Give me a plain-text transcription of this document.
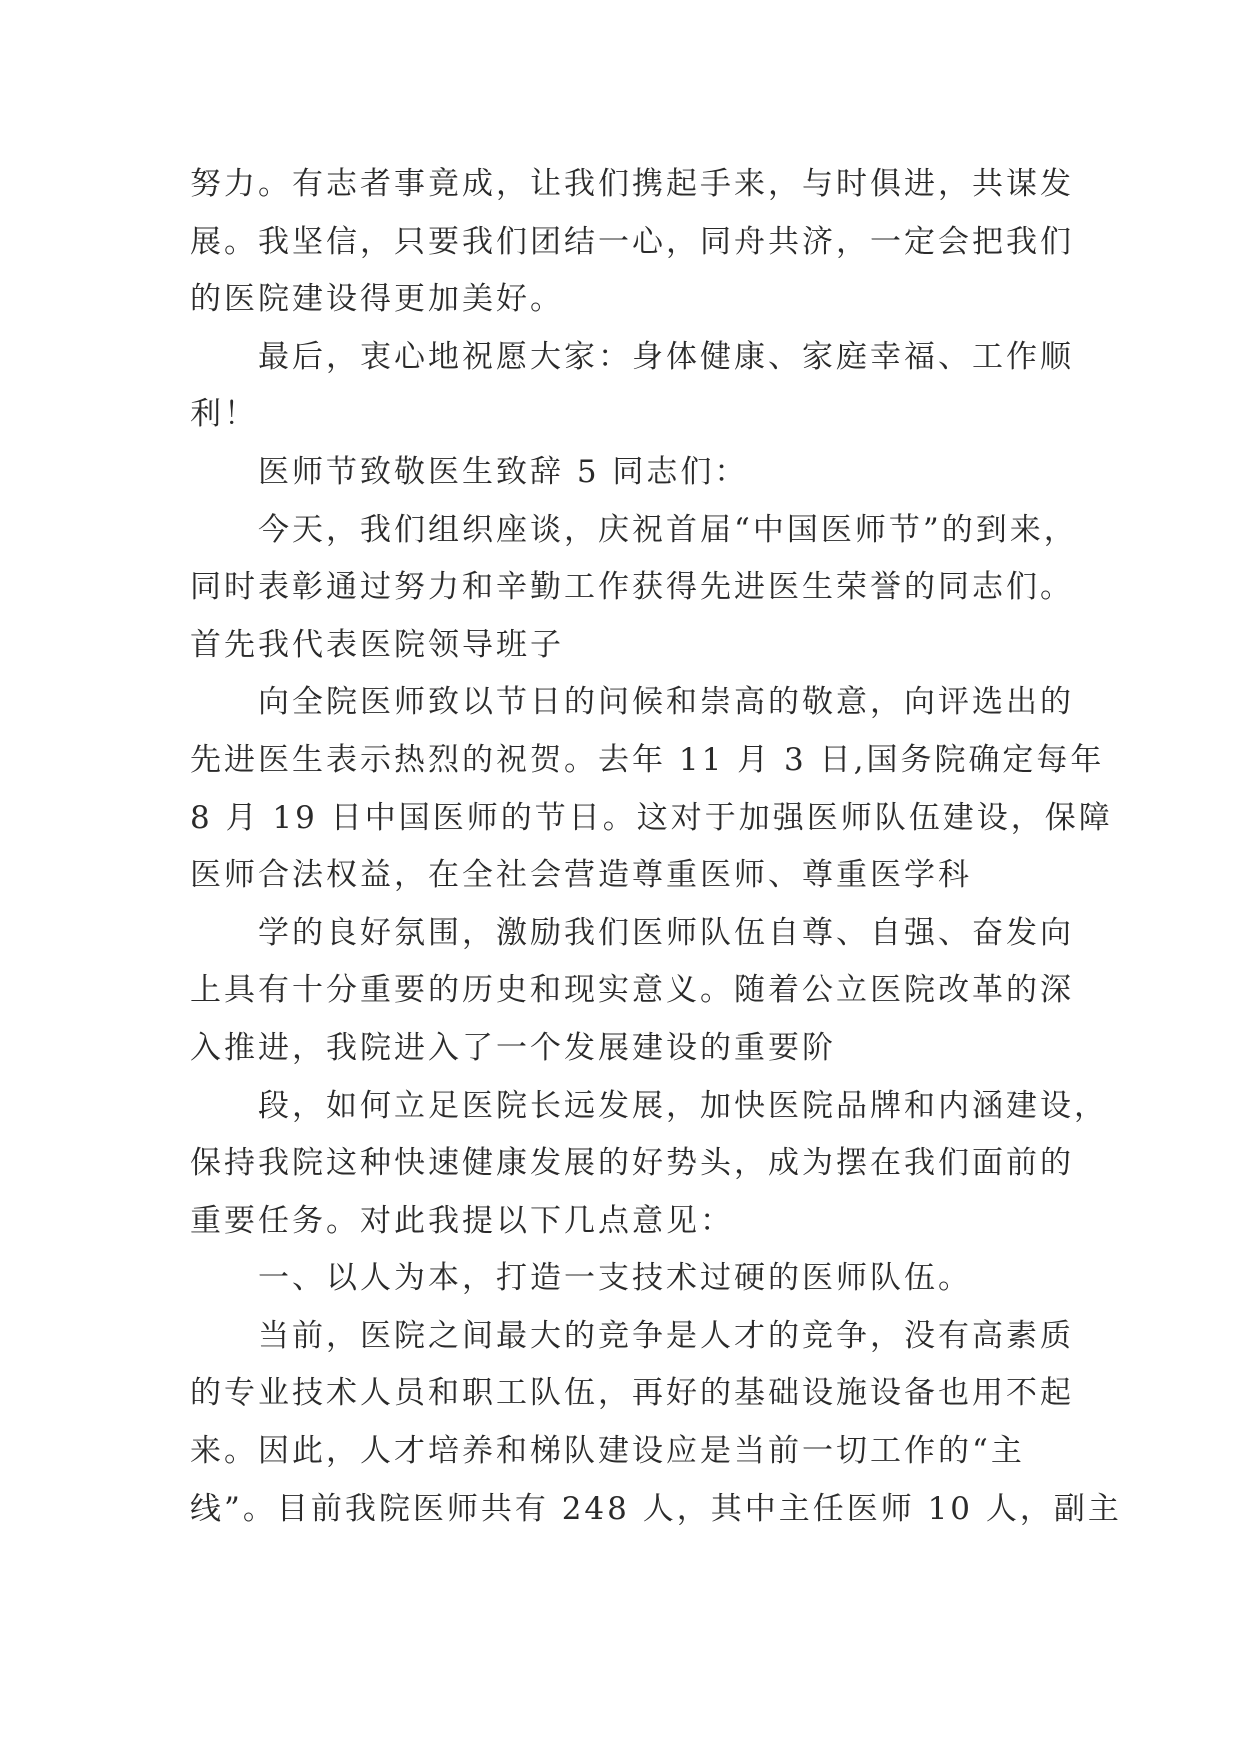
努力。有志者事竟成，让我们携起手来，与时俱进，共谋发
展。我坚信，只要我们团结一心，同舟共济，一定会把我们
的医院建设得更加美好。
最后，衷心地祝愿大家：身体健康、家庭幸福、工作顺
利！
医师节致敬医生致辞 5 同志们：
今天，我们组织座谈，庆祝首届“中国医师节”的到来，
同时表彰通过努力和辛勤工作获得先进医生荣誉的同志们。
首先我代表医院领导班子
向全院医师致以节日的问候和崇高的敬意，向评选出的
先进医生表示热烈的祝贺。去年 11 月 3 日,国务院确定每年
8 月 19 日中国医师的节日。这对于加强医师队伍建设，保障
医师合法权益，在全社会营造尊重医师、尊重医学科
学的良好氛围，激励我们医师队伍自尊、自强、奋发向
上具有十分重要的历史和现实意义。随着公立医院改革的深
入推进，我院进入了一个发展建设的重要阶
段，如何立足医院长远发展，加快医院品牌和内涵建设，
保持我院这种快速健康发展的好势头，成为摆在我们面前的
重要任务。对此我提以下几点意见：
一、以人为本，打造一支技术过硬的医师队伍。
当前，医院之间最大的竞争是人才的竞争，没有高素质
的专业技术人员和职工队伍，再好的基础设施设备也用不起
来。因此，人才培养和梯队建设应是当前一切工作的“主
线”。目前我院医师共有 248 人，其中主任医师 10 人，副主
